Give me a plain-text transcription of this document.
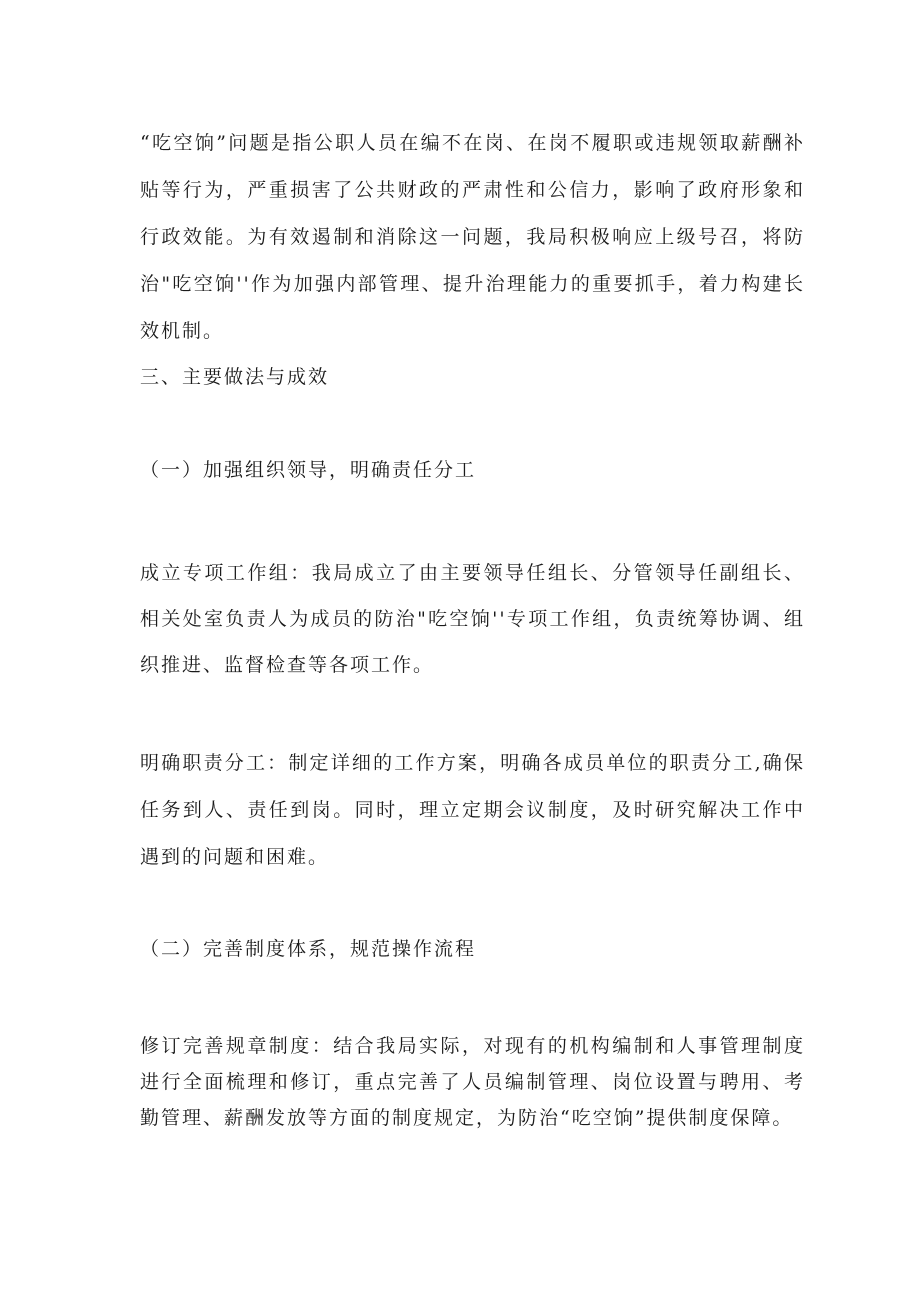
“吃空饷”问题是指公职人员在编不在岗、在岗不履职或违规领取薪酬补贴等行为，严重损害了公共财政的严肃性和公信力，影响了政府形象和行政效能。为有效遏制和消除这一问题，我局积极响应上级号召，将防治"吃空饷''作为加强内部管理、提升治理能力的重要抓手，着力构建长效机制。

三、主要做法与成效

（一）加强组织领导，明确责任分工

成立专项工作组：我局成立了由主要领导任组长、分管领导任副组长、相关处室负责人为成员的防治"吃空饷''专项工作组，负责统筹协调、组织推进、监督检查等各项工作。

明确职责分工：制定详细的工作方案，明确各成员单位的职责分工,确保任务到人、责任到岗。同时，理立定期会议制度，及时研究解决工作中遇到的问题和困难。

（二）完善制度体系，规范操作流程

修订完善规章制度：结合我局实际，对现有的机构编制和人事管理制度进行全面梳理和修订，重点完善了人员编制管理、岗位设置与聘用、考勤管理、薪酬发放等方面的制度规定，为防治“吃空饷”提供制度保障。
